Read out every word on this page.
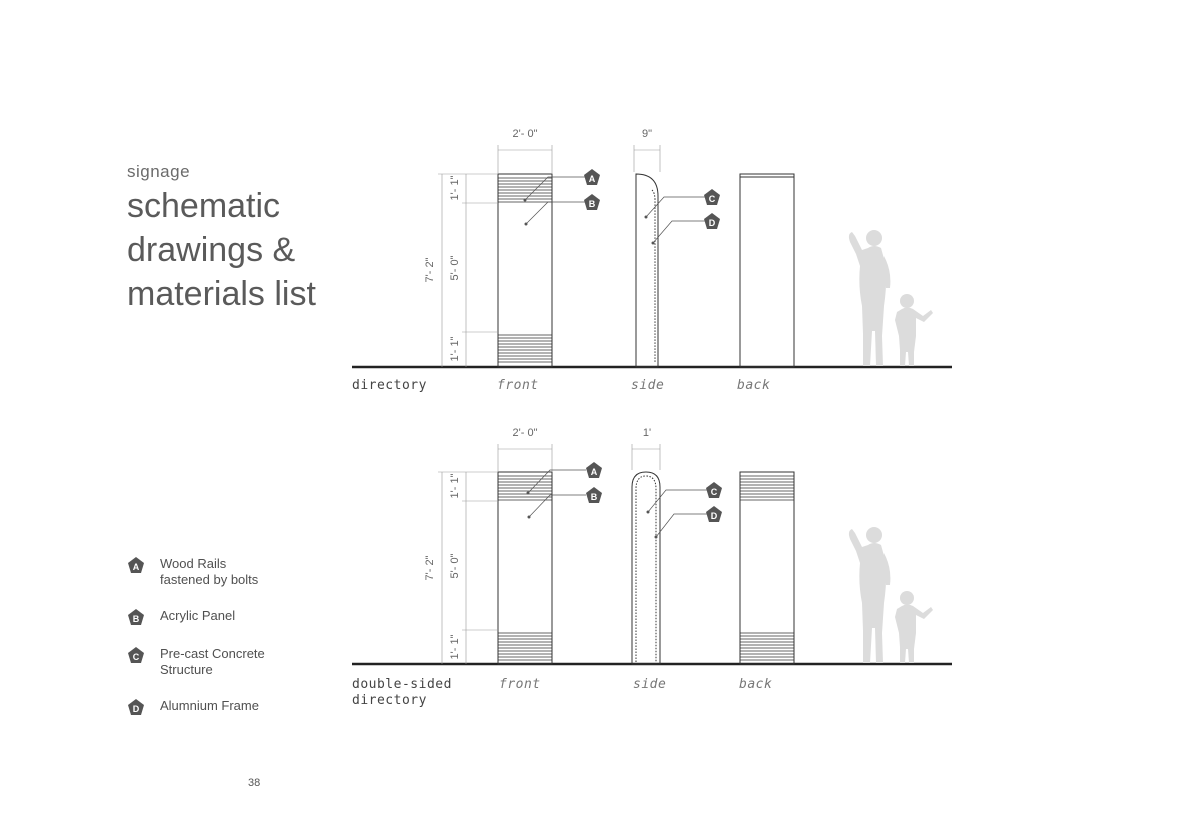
signage
schematic
drawings &
materials list
A Wood Rails
fastened by bolts
B Acrylic Panel
C Pre-cast Concrete
Structure
D Alumnium Frame
38
2'- 0"
7'- 2"
1'- 1"
5'- 0"
1'- 1"
9"
A
B	C
D
2'- 0"
7'- 2"
1'- 1"
5'- 0"
1'- 1"
1'
A
B	C
D
directory	front	side	back
double-sided
directory
front	side	back
